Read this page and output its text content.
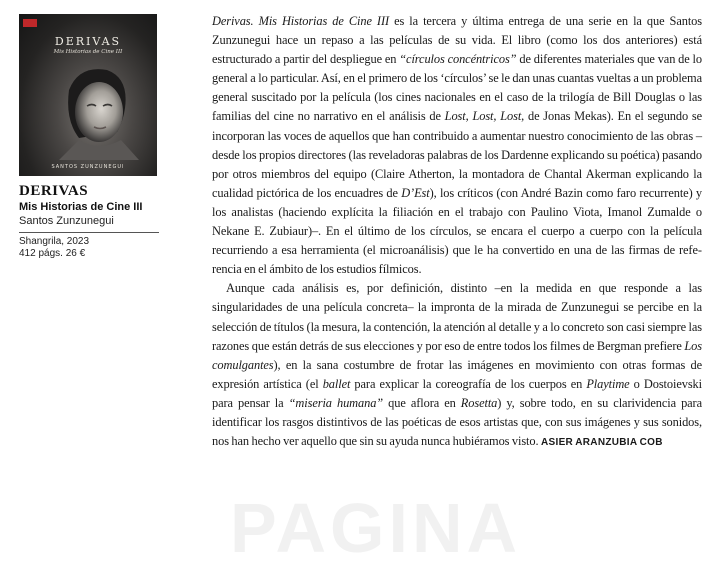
PAGINA
DERIVAS
Mis Historias de Cine III
SANTOS ZUNZUNEGUI
DERIVAS
Mis Historias de Cine III
Santos Zunzunegui
Shangrila, 2023
412 págs. 26 €

Derivas. Mis Historias de Cine III es la tercera y última entrega de una serie en la que Santos Zunzunegui hace un repaso a las películas de su vida. El libro (como los dos anteriores) está estructurado a partir del despliegue en “círculos concéntricos” de diferentes materiales que van de lo general a lo particular. Así, en el primero de los ‘círculos’ se le dan unas cuantas vueltas a un problema general suscitado por la película (los cines nacionales en el caso de la trilogía de Bill Douglas o las familias del cine no narrativo en el análisis de Lost, Lost, Lost, de Jonas Mekas). En el segundo se incorporan las voces de aquellos que han contribuido a aumentar nuestro conocimiento de las obras –desde los propios directores (las reveladoras palabras de los Dardenne explicando su poética) pasando por otros miembros del equipo (Claire Atherton, la montadora de Chantal Akerman explicando la cualidad pictórica de los encuadres de D’Est), los críticos (con André Bazin como faro recurrente) y los analistas (haciendo explícita la filiación en el trabajo con Paulino Viota, Imanol Zumalde o Nekane E. Zubiaur)–. En el último de los círculos, se encara el cuerpo a cuerpo con la película recurriendo a esa herramienta (el microanálisis) que le ha convertido en una de las firmas de referencia en el ámbito de los estudios fílmicos.

Aunque cada análisis es, por definición, distinto –en la medida en que responde a las singularidades de una película concreta– la impronta de la mirada de Zunzunegui se percibe en la selección de títulos (la mesura, la contención, la atención al detalle y a lo concreto son casi siempre las razones que están detrás de sus elecciones y por eso de entre todos los filmes de Bergman prefiere Los comulgantes), en la sana costumbre de frotar las imágenes en movimiento con otras formas de expresión artística (el ballet para explicar la coreografía de los cuerpos en Playtime o Dostoievski para pensar la “miseria humana” que aflora en Rosetta) y, sobre todo, en su clarividencia para identificar los rasgos distintivos de las poéticas de esos artistas que, con sus imágenes y sus sonidos, nos han hecho ver aquello que sin su ayuda nunca hubiéramos visto. ASIER ARANZUBIA COB
